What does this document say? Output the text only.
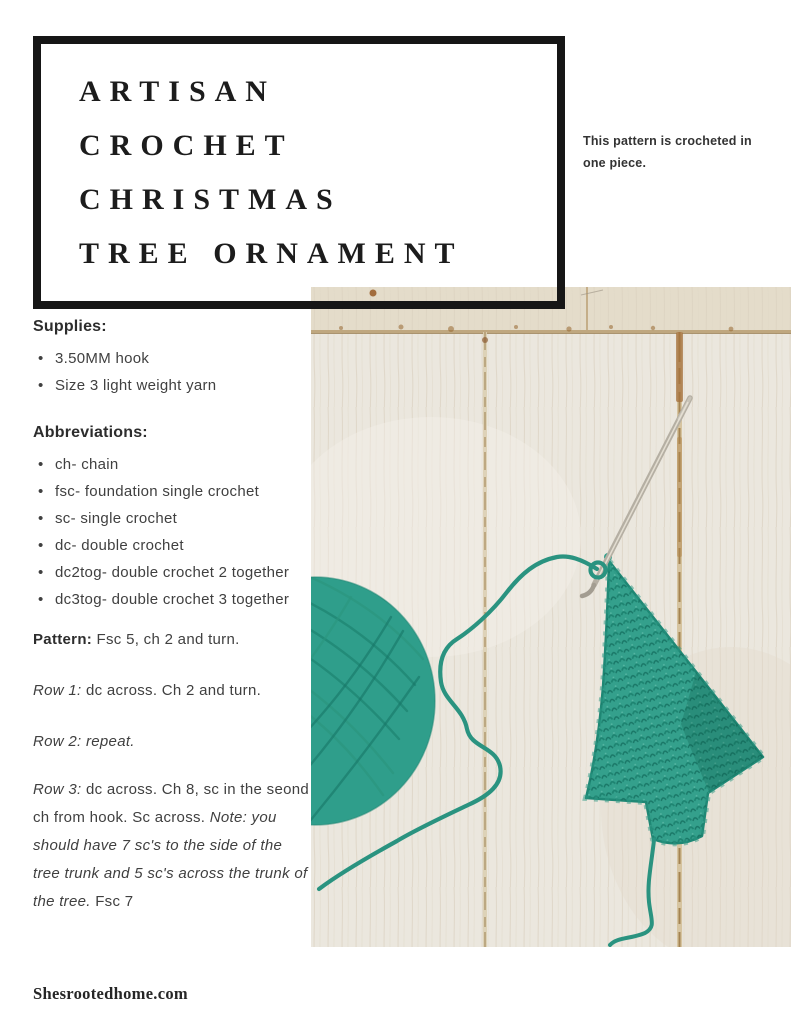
ARTISAN
CROCHET
CHRISTMAS
TREE ORNAMENT
This pattern is crocheted in
one piece.
Supplies:
• 3.50MM hook
• Size 3 light weight yarn
Abbreviations:
• ch- chain
• fsc- foundation single crochet
• sc- single crochet
• dc- double crochet
• dc2tog- double crochet 2 together
• dc3tog- double crochet 3 together

Pattern: Fsc 5, ch 2 and turn.

Row 1: dc across. Ch 2 and turn.

Row 2: repeat.

Row 3: dc across. Ch 8, sc in the seond ch from hook. Sc across. Note: you should have 7 sc's to the side of the tree trunk and 5 sc's across the trunk of the tree. Fsc 7

Shesrootedhome.com
